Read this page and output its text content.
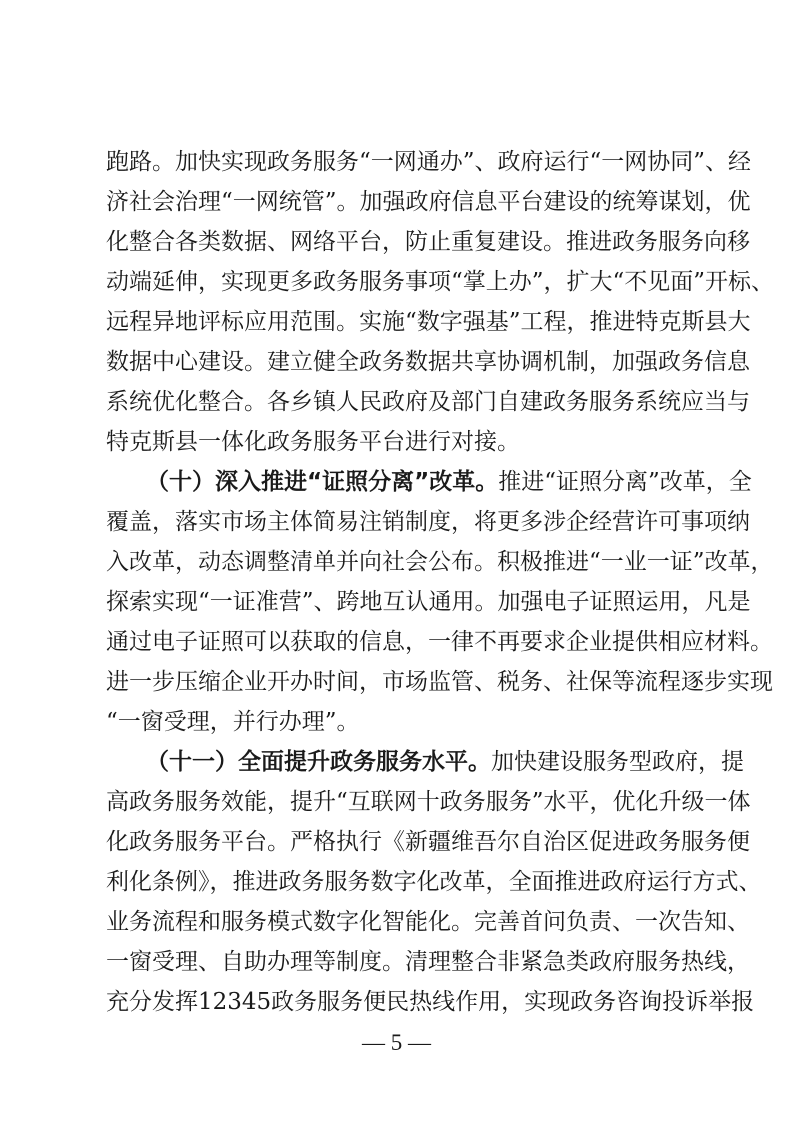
跑路。加快实现政务服务“一网通办”、政府运行“一网协同”、经
济社会治理“一网统管”。加强政府信息平台建设的统筹谋划，优
化整合各类数据、网络平台，防止重复建设。推进政务服务向移
动端延伸，实现更多政务服务事项“掌上办”，扩大“不见面”开标、
远程异地评标应用范围。实施“数字强基”工程，推进特克斯县大
数据中心建设。建立健全政务数据共享协调机制，加强政务信息
系统优化整合。各乡镇人民政府及部门自建政务服务系统应当与
特克斯县一体化政务服务平台进行对接。
（十）深入推进“证照分离”改革。推进“证照分离”改革，全
覆盖，落实市场主体简易注销制度，将更多涉企经营许可事项纳
入改革，动态调整清单并向社会公布。积极推进“一业一证”改革，
探索实现“一证准营”、跨地互认通用。加强电子证照运用，凡是
通过电子证照可以获取的信息，一律不再要求企业提供相应材料。
进一步压缩企业开办时间，市场监管、税务、社保等流程逐步实现
“一窗受理，并行办理”。
（十一）全面提升政务服务水平。加快建设服务型政府，提
高政务服务效能，提升“互联网十政务服务”水平，优化升级一体
化政务服务平台。严格执行《新疆维吾尔自治区促进政务服务便
利化条例》，推进政务服务数字化改革，全面推进政府运行方式、
业务流程和服务模式数字化智能化。完善首问负责、一次告知、
一窗受理、自助办理等制度。清理整合非紧急类政府服务热线，
充分发挥12345政务服务便民热线作用，实现政务咨询投诉举报
— 5 —
